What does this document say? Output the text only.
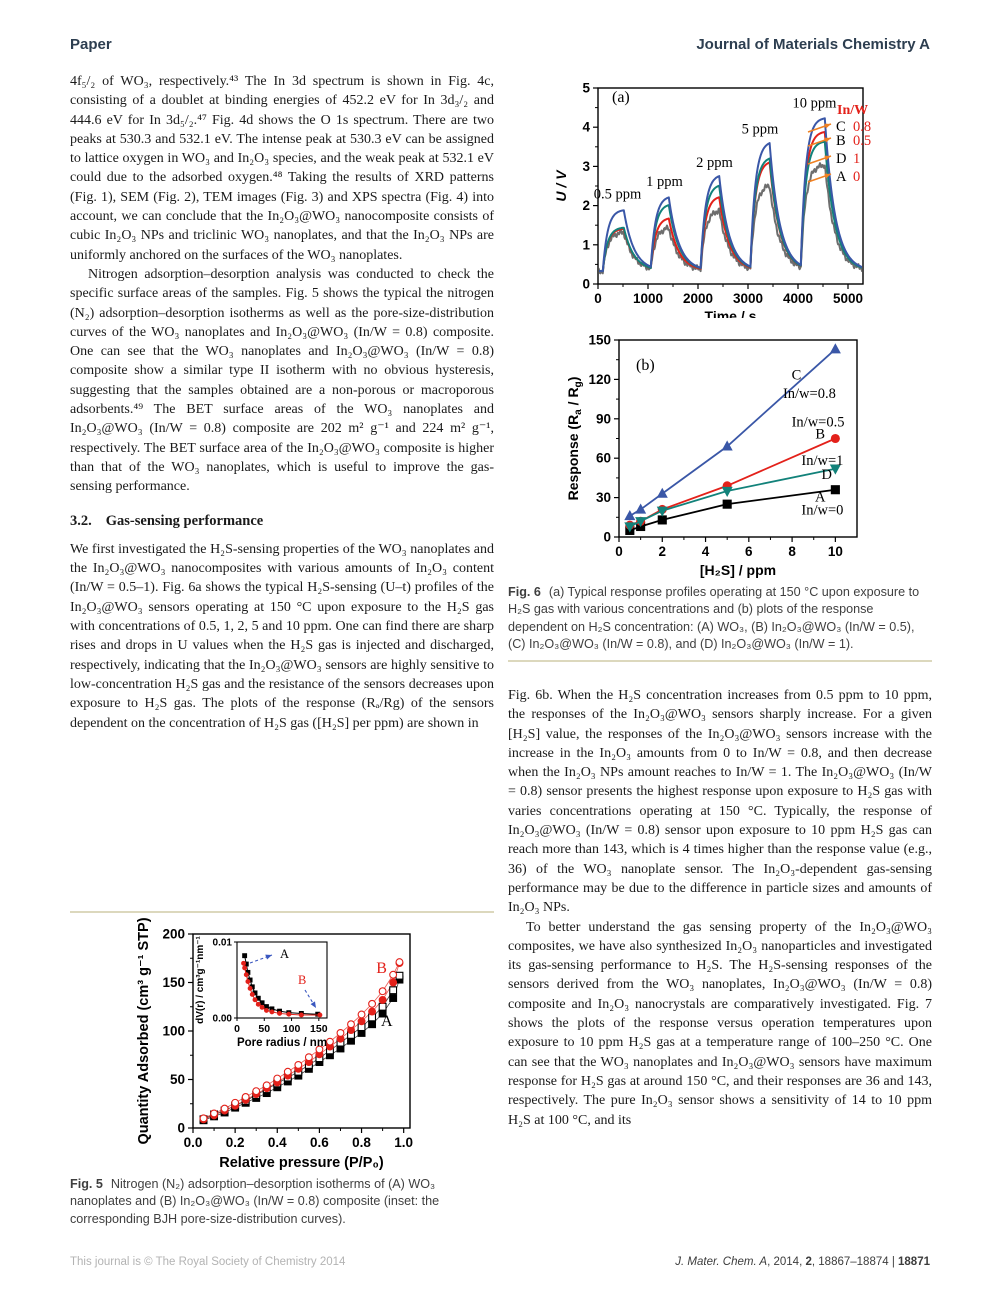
Paper	Journal of Materials Chemistry A

4f₅/₂ of WO₃, respectively.⁴³ The In 3d spectrum is shown in Fig. 4c, consisting of a doublet at binding energies of 452.2 eV for In 3d₃/₂ and 444.6 eV for In 3d₅/₂.⁴⁷ Fig. 4d shows the O 1s spectrum. There are two peaks at 530.3 and 532.1 eV. The intense peak at 530.3 eV can be assigned to lattice oxygen in WO₃ and In₂O₃ species, and the weak peak at 532.1 eV could due to the adsorbed oxygen.⁴⁸ Taking the results of XRD patterns (Fig. 1), SEM (Fig. 2), TEM images (Fig. 3) and XPS spectra (Fig. 4) into account, we can conclude that the In₂O₃@WO₃ nanocomposite consists of cubic In₂O₃ NPs and triclinic WO₃ nanoplates, and that the In₂O₃ NPs are uniformly anchored on the surfaces of the WO₃ nanoplates.

Nitrogen adsorption–desorption analysis was conducted to check the specific surface areas of the samples. Fig. 5 shows the typical the nitrogen (N₂) adsorption–desorption isotherms as well as the pore-size-distribution curves of the WO₃ nanoplates and In₂O₃@WO₃ (In/W = 0.8) composite. One can see that the WO₃ nanoplates and In₂O₃@WO₃ (In/W = 0.8) composite show a similar type II isotherm with no obvious hysteresis, suggesting that the samples obtained are a non-porous or macroporous adsorbents.⁴⁹ The BET surface areas of the WO₃ nanoplates and In₂O₃@WO₃ (In/W = 0.8) composite are 202 m² g⁻¹ and 224 m² g⁻¹, respectively. The BET surface area of the In₂O₃@WO₃ composite is higher than that of the WO₃ nanoplates, which is useful to improve the gas-sensing performance.

3.2. Gas-sensing performance

We first investigated the H₂S-sensing properties of the WO₃ nanoplates and the In₂O₃@WO₃ nanocomposites with various amounts of In₂O₃ content (In/W = 0.5–1). Fig. 6a shows the typical H₂S-sensing (U–t) profiles of the In₂O₃@WO₃ sensors operating at 150 °C upon exposure to the H₂S gas with concentrations of 0.5, 1, 2, 5 and 10 ppm. One can find there are sharp rises and drops in U values when the H₂S gas is injected and discharged, respectively, indicating that the In₂O₃@WO₃ sensors are highly sensitive to low-concentration H₂S gas and the resistance of the sensors decreases upon exposure to H₂S gas. The plots of the response (Rₐ/Rg) of the sensors dependent on the concentration of H₂S gas ([H₂S] per ppm) are shown in

0.0 0.2 0.4 0.6 0.8 1.0
0
50
100
150
200
Relative pressure (P/P₀)
Quantity Adsorbed (cm³ g⁻¹ STP)	B
A
0 50 100 150
0.01
0.00
Pore radius / nm
dV(r) / cm³g⁻¹nm⁻¹	A
B
Fig. 5 Nitrogen (N₂) adsorption–desorption isotherms of (A) WO₃ nanoplates and (B) In₂O₃@WO₃ (In/W = 0.8) composite (inset: the corresponding BJH pore-size-distribution curves).
0 1000 2000 3000 4000 5000
0
1
2
3
4
5
Time / s
U / V
(a)
0.5 ppm
1 ppm
2 ppm
5 ppm
10 ppm In/W
C 0.8
B 0.5
D 1
A 0
0	2	4	6	8 10
0
30
60
90
120
150
[H₂S] / ppm
Response $(R_a / R_g)$
(b)
C
In/w=0.8
In/w=0.5
B
In/w=1
D
A
In/w=0
Fig. 6 (a) Typical response profiles operating at 150 °C upon exposure to H₂S gas with various concentrations and (b) plots of the response dependent on H₂S concentration: (A) WO₃, (B) In₂O₃@WO₃ (In/W = 0.5), (C) In₂O₃@WO₃ (In/W = 0.8), and (D) In₂O₃@WO₃ (In/W = 1).

Fig. 6b. When the H₂S concentration increases from 0.5 ppm to 10 ppm, the responses of the In₂O₃@WO₃ sensors sharply increase. For a given [H₂S] value, the responses of the In₂O₃@WO₃ sensors increase with the increase in the In₂O₃ amounts from 0 to In/W = 0.8, and then decrease when the In₂O₃ NPs amount reaches to In/W = 1. The In₂O₃@WO₃ (In/W = 0.8) sensor presents the highest response upon exposure to H₂S gas with varies concentrations operating at 150 °C. Typically, the response of In₂O₃@WO₃ (In/W = 0.8) sensor upon exposure to 10 ppm H₂S gas can reach more than 143, which is 4 times higher than the response value (e.g., 36) of the WO₃ nanoplate sensor. The In₂O₃-dependent gas-sensing performance may be due to the difference in particle sizes and amounts of In₂O₃ NPs.

To better understand the gas sensing property of the In₂O₃@WO₃ composites, we have also synthesized In₂O₃ nanoparticles and investigated its gas-sensing performance to H₂S. The H₂S-sensing responses of the sensors derived from the WO₃ nanoplates, In₂O₃@WO₃ (In/W = 0.8) composite and In₂O₃ nanocrystals are comparatively investigated. Fig. 7 shows the plots of the response versus operation temperatures upon exposure to 10 ppm H₂S gas at a temperature range of 100–250 °C. One can see that the WO₃ nanoplates and In₂O₃@WO₃ sensors have maximum response for H₂S gas at around 150 °C, and their responses are 36 and 143, respectively. The pure In₂O₃ sensor shows a sensitivity of 14 to 10 ppm H₂S at 100 °C, and its

This journal is © The Royal Society of Chemistry 2014	J. Mater. Chem. A, 2014, 2, 18867–18874 | 18871
